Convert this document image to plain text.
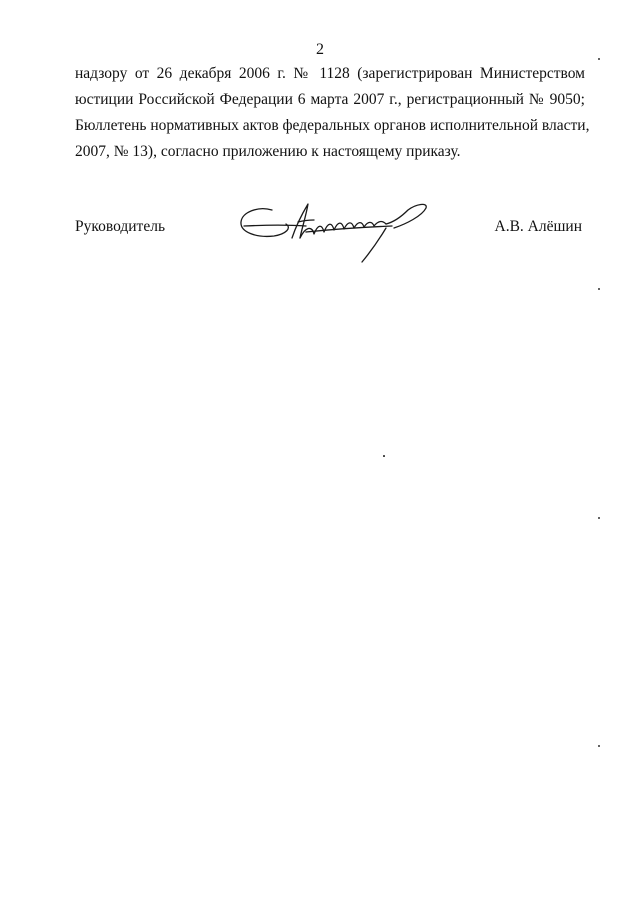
2
надзору от 26 декабря 2006 г. № 1128 (зарегистрирован Министерством
юстиции Российской Федерации 6 марта 2007 г., регистрационный № 9050;
Бюллетень нормативных актов федеральных органов исполнительной власти,
2007, № 13), согласно приложению к настоящему приказу.
Руководитель	А.В. Алёшин
